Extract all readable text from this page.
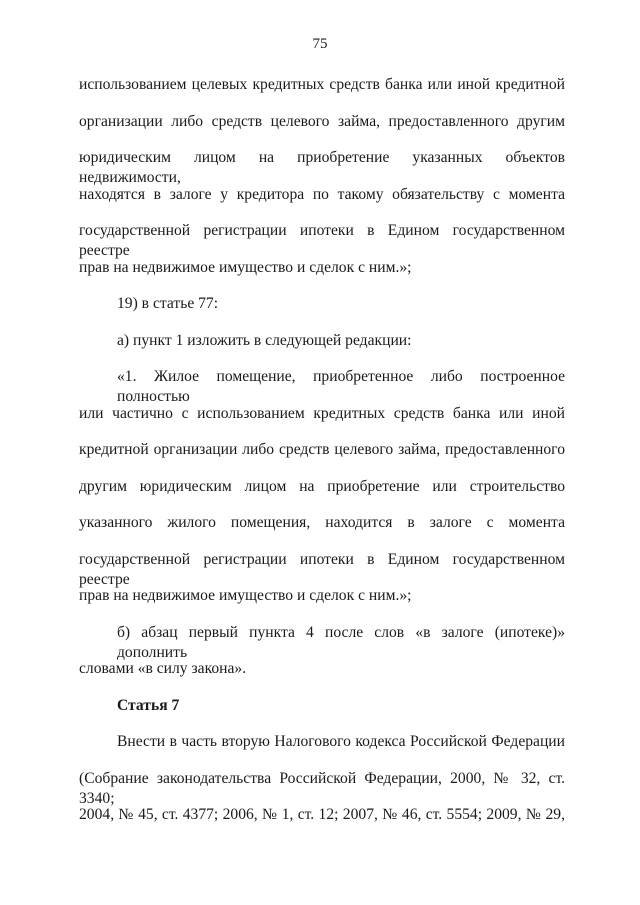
75
использованием целевых кредитных средств банка или иной кредитной
организации либо средств целевого займа, предоставленного другим
юридическим лицом на приобретение указанных объектов недвижимости,
находятся в залоге у кредитора по такому обязательству с момента
государственной регистрации ипотеки в Едином государственном реестре
прав на недвижимое имущество и сделок с ним.»;
19) в статье 77:
а) пункт 1 изложить в следующей редакции:
«1. Жилое помещение, приобретенное либо построенное полностью
или частично с использованием кредитных средств банка или иной
кредитной организации либо средств целевого займа, предоставленного
другим юридическим лицом на приобретение или строительство
указанного жилого помещения, находится в залоге с момента
государственной регистрации ипотеки в Едином государственном реестре
прав на недвижимое имущество и сделок с ним.»;
б) абзац первый пункта 4 после слов «в залоге (ипотеке)» дополнить
словами «в силу закона».
Статья 7
Внести в часть вторую Налогового кодекса Российской Федерации
(Собрание законодательства Российской Федерации, 2000, № 32, ст. 3340;
2004, № 45, ст. 4377; 2006, № 1, ст. 12; 2007, № 46, ст. 5554; 2009, № 29,
